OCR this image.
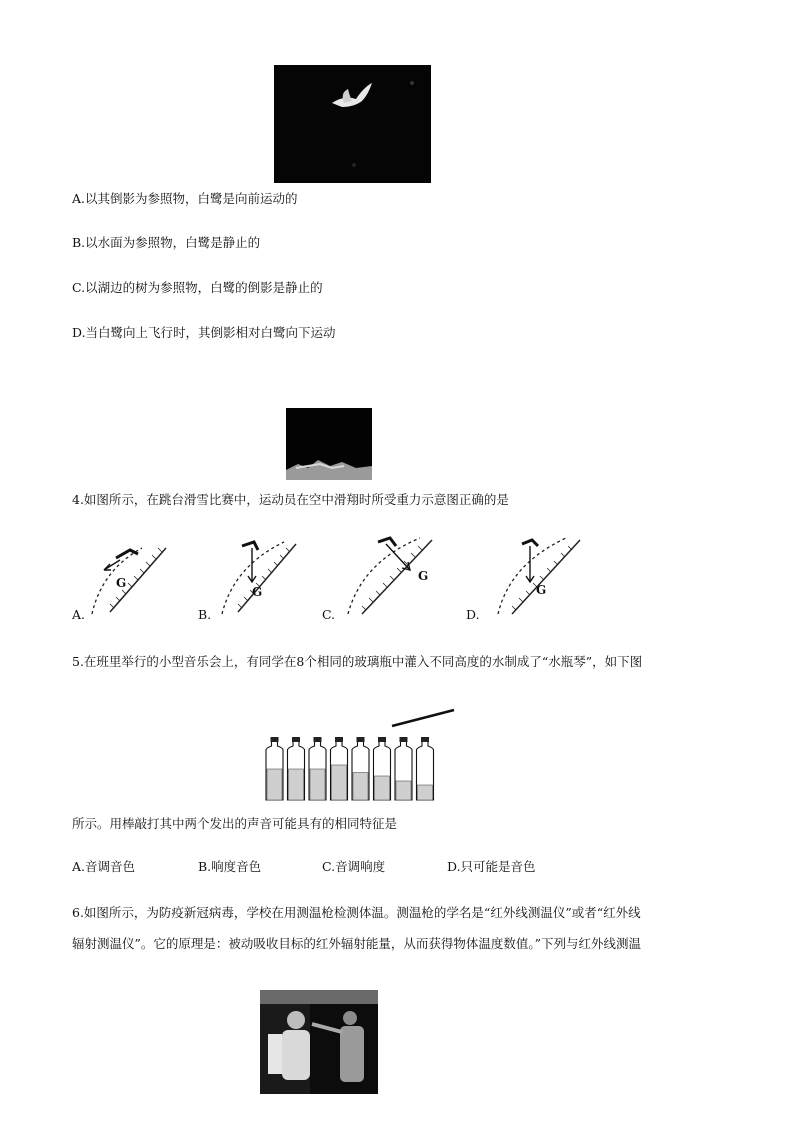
A.以其倒影为参照物，白鹭是向前运动的
B.以水面为参照物，白鹭是静止的
C.以湖边的树为参照物，白鹭的倒影是静止的
D.当白鹭向上飞行时，其倒影相对白鹭向下运动
4.如图所示，在跳台滑雪比赛中，运动员在空中滑翔时所受重力示意图正确的是
G
A.
G
B.
G
C.
G
D.
5.在班里举行的小型音乐会上，有同学在8个相同的玻璃瓶中灌入不同高度的水制成了“水瓶琴”，如下图
所示。用棒敲打其中两个发出的声音可能具有的相同特征是
A.音调音色	B.响度音色	C.音调响度	D.只可能是音色
6.如图所示，为防疫新冠病毒，学校在用测温枪检测体温。测温枪的学名是“红外线测温仪”或者“红外线
辐射测温仪”。它的原理是：被动吸收目标的红外辐射能量，从而获得物体温度数值。”下列与红外线测温
